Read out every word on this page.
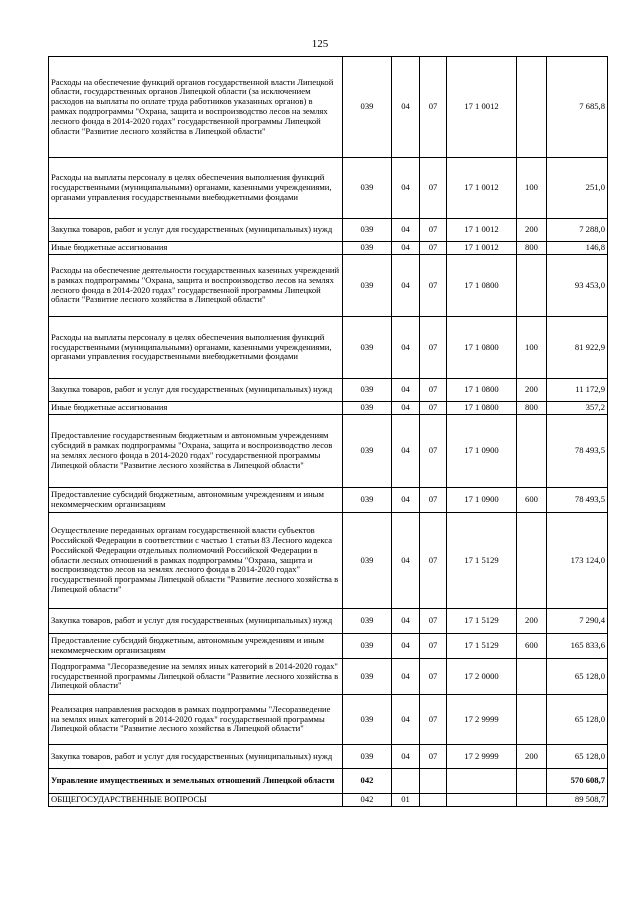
125
Расходы на обеспечение функций органов государственной власти Липецкой области, государственных органов Липецкой области (за исключением расходов на выплаты по оплате труда работников указанных органов) в рамках подпрограммы "Охрана, защита и воспроизводство лесов на землях лесного фонда в 2014-2020 годах" государственной программы Липецкой области "Развитие лесного хозяйства в Липецкой области"	039	04	07	17 1 0012		7 685,8
Расходы на выплаты персоналу в целях обеспечения выполнения функций государственными (муниципальными) органами, казенными учреждениями, органами управления государственными внебюджетными фондами	039	04	07	17 1 0012	100	251,0
Закупка товаров, работ и услуг для государственных (муниципальных) нужд	039	04	07	17 1 0012	200	7 288,0
Иные бюджетные ассигнования	039	04	07	17 1 0012	800	146,8
Расходы на обеспечение деятельности государственных казенных учреждений в рамках подпрограммы "Охрана, защита и воспроизводство лесов на землях лесного фонда в 2014-2020 годах" государственной программы Липецкой области "Развитие лесного хозяйства в Липецкой области"	039	04	07	17 1 0800		93 453,0
Расходы на выплаты персоналу в целях обеспечения выполнения функций государственными (муниципальными) органами, казенными учреждениями, органами управления государственными внебюджетными фондами	039	04	07	17 1 0800	100	81 922,9
Закупка товаров, работ и услуг для государственных (муниципальных) нужд	039	04	07	17 1 0800	200	11 172,9
Иные бюджетные ассигнования	039	04	07	17 1 0800	800	357,2
Предоставление государственным бюджетным и автономным учреждениям субсидий в рамках подпрограммы "Охрана, защита и воспроизводство лесов на землях лесного фонда в 2014-2020 годах" государственной программы Липецкой области "Развитие лесного хозяйства в Липецкой области"	039	04	07	17 1 0900		78 493,5
Предоставление субсидий бюджетным, автономным учреждениям и иным некоммерческим организациям	039	04	07	17 1 0900	600	78 493,5
Осуществление переданных органам государственной власти субъектов Российской Федерации в соответствии с частью 1 статьи 83 Лесного кодекса Российской Федерации отдельных полномочий Российской Федерации в области лесных отношений в рамках подпрограммы "Охрана, защита и воспроизводство лесов на землях лесного фонда в 2014-2020 годах" государственной программы Липецкой области "Развитие лесного хозяйства в Липецкой области"	039	04	07	17 1 5129		173 124,0
Закупка товаров, работ и услуг для государственных (муниципальных) нужд	039	04	07	17 1 5129	200	7 290,4
Предоставление субсидий бюджетным, автономным учреждениям и иным некоммерческим организациям	039	04	07	17 1 5129	600	165 833,6
Подпрограмма "Лесоразведение на землях иных категорий в 2014-2020 годах" государственной программы Липецкой области "Развитие лесного хозяйства в Липецкой области"	039	04	07	17 2 0000		65 128,0
Реализация направления расходов в рамках подпрограммы "Лесоразведение на землях иных категорий в 2014-2020 годах" государственной программы Липецкой области "Развитие лесного хозяйства в Липецкой области"	039	04	07	17 2 9999		65 128,0
Закупка товаров, работ и услуг для государственных (муниципальных) нужд	039	04	07	17 2 9999	200	65 128,0
Управление имущественных и земельных отношений Липецкой области	042					570 608,7
ОБЩЕГОСУДАРСТВЕННЫЕ ВОПРОСЫ	042	01				89 508,7
